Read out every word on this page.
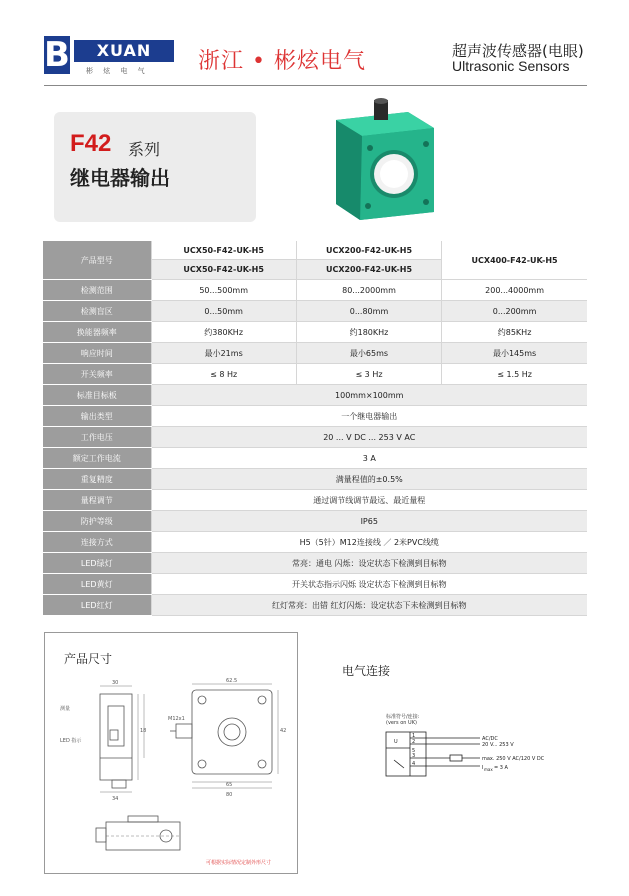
B	XUAN
彬 炫 电 气 浙江 • 彬炫电气	超声波传感器(电眼)
Ultrasonic Sensors
F42 系列
继电器输出
产品型号	UCX50-F42-UK-H5	UCX200-F42-UK-H5	UCX400-F42-UK-H5
	UCX50-F42-UK-H5	UCX200-F42-UK-H5	
检测范围	50...500mm	80...2000mm	200...4000mm
检测盲区	0...50mm	0...80mm	0...200mm
换能器频率	约380KHz	约180KHz	约85KHz
响应时间	最小21ms	最小65ms	最小145ms
开关频率	≤ 8 Hz	≤ 3 Hz	≤ 1.5 Hz
标准目标板	100mm×100mm		
输出类型	一个继电器输出		
工作电压	20 ... V DC ... 253 V AC		
额定工作电流	3 A		
重复精度	满量程值的±0.5%		
量程调节	通过调节线调节最远、最近量程		
防护等级	IP65		
连接方式	H5（5针）M12连接线 ／ 2米PVC线缆		
LED绿灯	常亮：通电 闪烁：设定状态下检测到目标物		
LED黄灯	开关状态指示闪烁 设定状态下检测到目标物		
LED红灯	红灯常亮：出错 红灯闪烁：设定状态下未检测到目标物		
产品尺寸
测量
LED 指示
30
34
65
80
18	42
M12x1
62.5
可根据实际情况定制外形尺寸
电气连接
标准符号/连接:
(vers on UK)
U
1
2
5
3
4
AC/DC
20 V... 253 V
max. 250 V AC/120 V DC
I max = 3 A
